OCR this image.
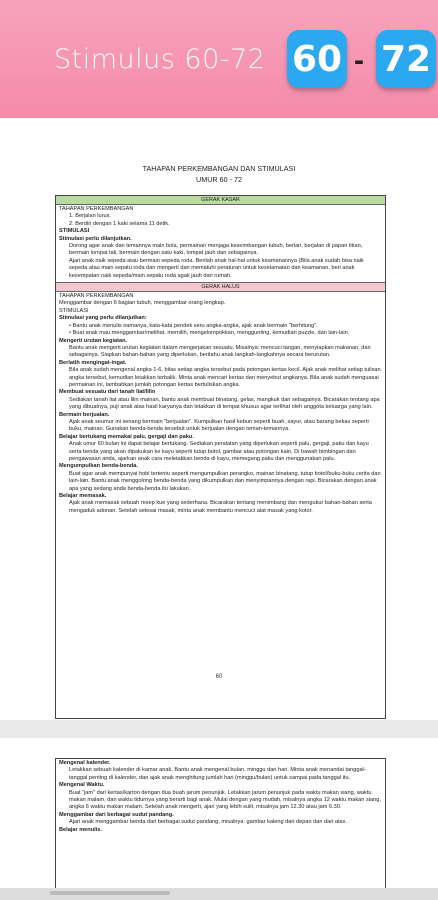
Stimulus 60-72 60 - 72
TAHAPAN PERKEMBANGAN DAN STIMULASI
UMUR 60 - 72
GERAK KASAR
TAHAPAN PERKEMBANGAN
1. Berjalan lurus.
2. Berdiri dengan 1 kaki selama 11 detik.
STIMULASI
Stimulasi perlu dilanjutkan.
Dorong agar anak dan temannya main bola, permainan menjaga keseimbangan tubuh, berlari, berjalan di papan titian, bermain lompat tali, bermain dengan satu kaki, lompat jauh dan sebagainya.
Ajari anak naik sepeda atau bermain sepeda roda. Berilah anak hal-hal untuk keamanannya (Bila anak sudah bisa naik sepeda atau main sepatu roda dan mengerti dan mematuhi peraturan untuk keselamatan dan keamanan, beri anak kesempatan naik sepeda/main sepatu roda agak jauh dari rumah.
GERAK HALUS
TAHAPAN PERKEMBANGAN
Menggambar dengan 6 bagian tubuh, menggambar orang lengkap.
STIMULASI
Stimulasi yang perlu dilanjutkan:
• Bantu anak menulis namanya, kata-kata pendek seru angka-angka, ajak anak bermain "berhitung".
• Buat anak mau menggambar/melihat, memilih, mengelompokkan, menggunting, kemudian puzzle, dan lain-lain.
Mengerti urutan kegiatan.
Bantu anak mengerti urutan kegiatan dalam mengerjakan sesuatu. Misalnya: mencuci tangan, menyiapkan makanan, dan sebagainya. Siapkan bahan-bahan yang diperlukan, beritahu anak langkah-langkahnya secara berurutan.
Berlatih mengingat-ingat.
Bila anak sudah mengenal angka 1-6, bilas setiap angka tersebut pada potongan kertas kecil. Ajak anak melihat setiap tulisan angka tersebut, kemudian letakkan terbalik. Minta anak mencari kertas dan menyebut angkanya. Bila anak sudah menguasai permainan ini, tambahkan jumlah potongan kertas bertuliskan angka.
Membuat sesuatu dari tanah liat/lilin
Sediakan tanah liat atau lilin mainan, bantu anak membuat binatang, gelas, mangkuk dan sebagainya. Bicarakan tentang apa yang dibuatnya, puji anak atas hasil karyanya dan letakkan di tempat khusus agar terlihat oleh anggota keluarga yang lain.
Bermain berjualan.
Ajak anak seumur ini senang bermain "berjualan". Kumpulkan hasil kebun seperti buah, sayur, atau barang bekas seperti buku, mainan. Gunakan benda-benda tersebut untuk berjualan dengan teman-temannya.
Belajar bertukang memakai palu, gergaji dan paku.
Anak umur 60 bulan ini dapat belajar bertukang. Sediakan peralatan yang diperlukan seperti palu, gergaji, paku dan kayu serta benda yang akan dipakukan ke kayu seperti tutup botol, gambar atau potongan kain. Di bawah bimbingan dan pengawasan anda, ajarkan anak cara meletakkan benda di kayu, memegang paku dan menggunakan palu.
Mengumpulkan benda-benda.
Buat agar anak mempunyai hobi tertentu seperti mengumpulkan perangko, mainan binatang, tutup botol/buku-buku cerita dan lain-lain. Bantu anak menggolong benda-benda yang dikumpulkan dan menyimpannya dengan rapi. Bicarakan dengan anak apa yang sedang anda benda-benda itu lakukan.
Belajar memasak.
Ajak anak memasak sebuah resep kue yang sederhana. Bicarakan tentang menimbang dan mengukur bahan-bahan serta mengaduk adonan. Setelah selesai masak, minta anak membantu mencuci alat masak yang kotor.
60
Mengenal kalender.
Letakkan sebuah kalender di kamar anak. Bantu anak mengenal bulan, minggu dan hari. Minta anak menandai tanggal-tanggal penting di kalender, dan ajak anak menghitung jumlah hari (minggu/bulan) untuk sampai pada tanggal itu.
Mengenal Waktu.
Buat "jam" dari kertas/karton dengan dua buah jarum penunjuk. Letakkan jarum penunjuk pada waktu makan siang, waktu makan malam, dan waktu tidurnya yang berarti bagi anak. Mulai dengan yang mudah, misalnya angka 12 waktu makan siang, angka 6 waktu makan malam. Setelah anak mengerti, ajari yang lebih sulit, misalnya jam 12.30 atau jam 6.30.
Menggambar dari berbagai sudut pandang.
Ajari anak menggambar benda dari berbagai sudut pandang, misalnya: gambar kaleng dari depan dan dari atas.
Belajar menulis.
